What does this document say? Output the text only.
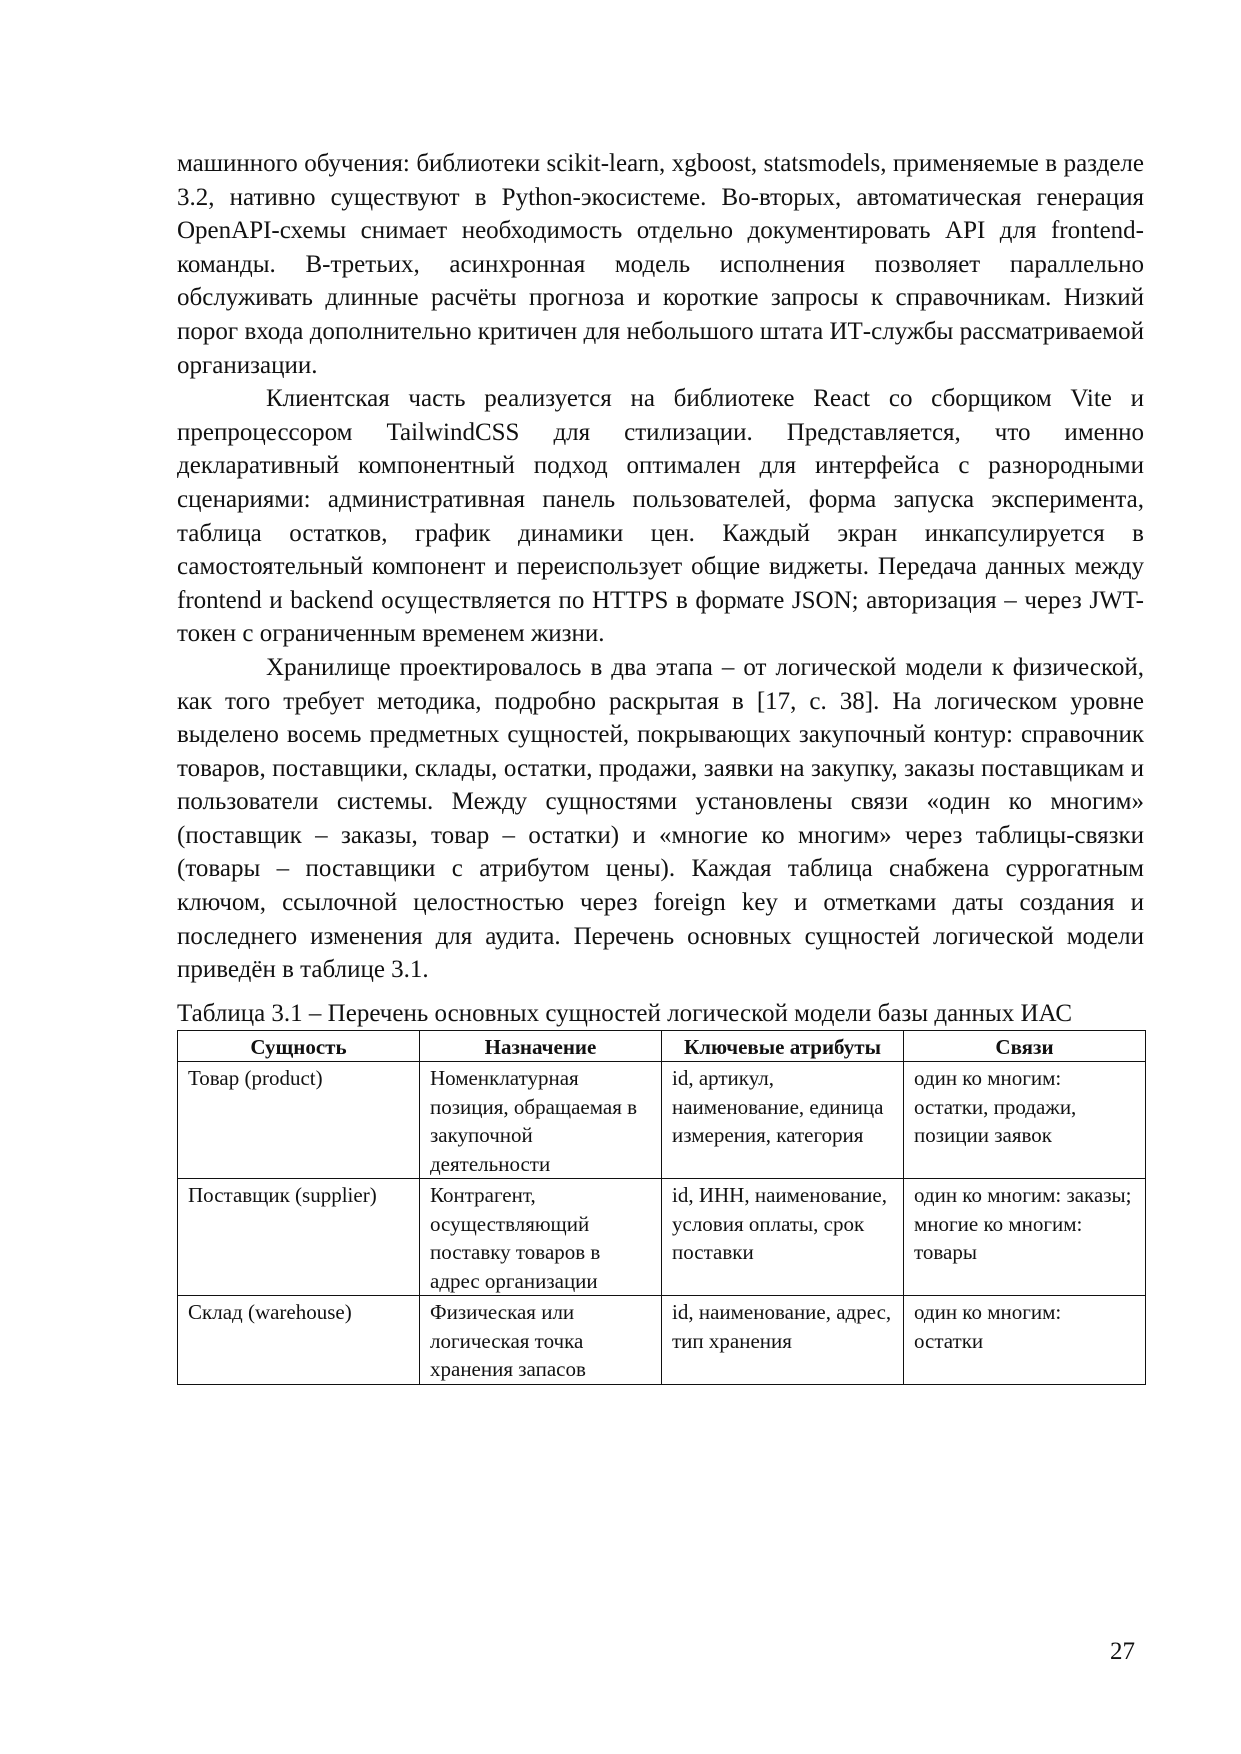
машинного обучения: библиотеки scikit-learn, xgboost, statsmodels, применяемые в разделе 3.2, нативно существуют в Python-экосистеме. Во-вторых, автоматическая генерация OpenAPI-схемы снимает необходимость отдельно документировать API для frontend-команды. В-третьих, асинхронная модель исполнения позволяет параллельно обслуживать длинные расчёты прогноза и короткие запросы к справочникам. Низкий порог входа дополнительно критичен для небольшого штата ИТ-службы рассматриваемой организации.

Клиентская часть реализуется на библиотеке React со сборщиком Vite и препроцессором TailwindCSS для стилизации. Представляется, что именно декларативный компонентный подход оптимален для интерфейса с разнородными сценариями: административная панель пользователей, форма запуска эксперимента, таблица остатков, график динамики цен. Каждый экран инкапсулируется в самостоятельный компонент и переиспользует общие виджеты. Передача данных между frontend и backend осуществляется по HTTPS в формате JSON; авторизация – через JWT-токен с ограниченным временем жизни.

Хранилище проектировалось в два этапа – от логической модели к физической, как того требует методика, подробно раскрытая в [17, с. 38]. На логическом уровне выделено восемь предметных сущностей, покрывающих закупочный контур: справочник товаров, поставщики, склады, остатки, продажи, заявки на закупку, заказы поставщикам и пользователи системы. Между сущностями установлены связи «один ко многим» (поставщик – заказы, товар – остатки) и «многие ко многим» через таблицы-связки (товары – поставщики с атрибутом цены). Каждая таблица снабжена суррогатным ключом, ссылочной целостностью через foreign key и отметками даты создания и последнего изменения для аудита. Перечень основных сущностей логической модели приведён в таблице 3.1.

Таблица 3.1 – Перечень основных сущностей логической модели базы данных ИАС

Сущность	Назначение	Ключевые атрибуты	Связи
Товар (product)	Номенклатурная позиция, обращаемая в закупочной деятельности	id, артикул, наименование, единица измерения, категория	один ко многим: остатки, продажи, позиции заявок
Поставщик (supplier)	Контрагент, осуществляющий поставку товаров в адрес организации	id, ИНН, наименование, условия оплаты, срок поставки	один ко многим: заказы; многие ко многим: товары
Склад (warehouse)	Физическая или логическая точка хранения запасов	id, наименование, адрес, тип хранения	один ко многим: остатки
27
